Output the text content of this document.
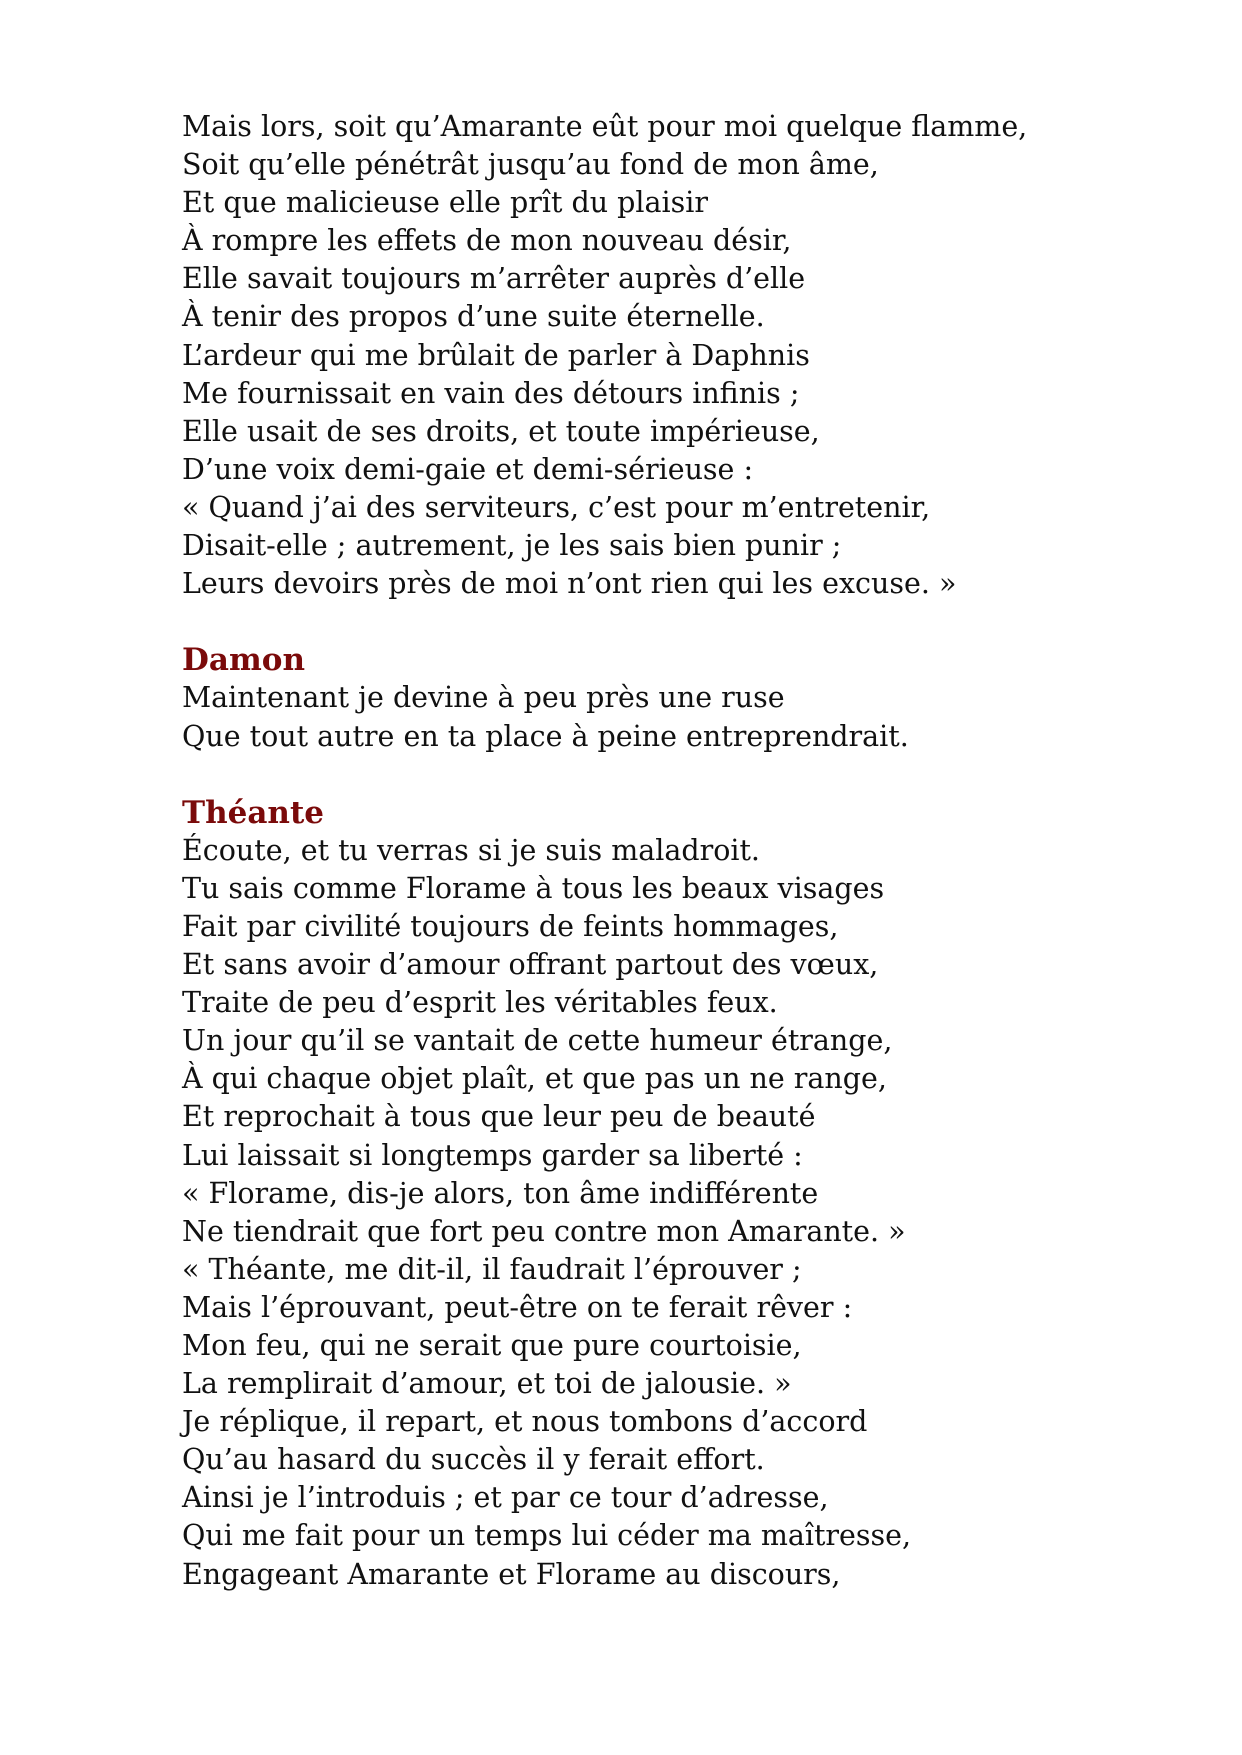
Mais lors, soit qu’Amarante eût pour moi quelque flamme,
Soit qu’elle pénétrât jusqu’au fond de mon âme,
Et que malicieuse elle prît du plaisir
À rompre les effets de mon nouveau désir,
Elle savait toujours m’arrêter auprès d’elle
À tenir des propos d’une suite éternelle.
L’ardeur qui me brûlait de parler à Daphnis
Me fournissait en vain des détours infinis ;
Elle usait de ses droits, et toute impérieuse,
D’une voix demi-gaie et demi-sérieuse :
« Quand j’ai des serviteurs, c’est pour m’entretenir,
Disait-elle ; autrement, je les sais bien punir ;
Leurs devoirs près de moi n’ont rien qui les excuse. »
Damon
Maintenant je devine à peu près une ruse
Que tout autre en ta place à peine entreprendrait.
Théante
Écoute, et tu verras si je suis maladroit.
Tu sais comme Florame à tous les beaux visages
Fait par civilité toujours de feints hommages,
Et sans avoir d’amour offrant partout des vœux,
Traite de peu d’esprit les véritables feux.
Un jour qu’il se vantait de cette humeur étrange,
À qui chaque objet plaît, et que pas un ne range,
Et reprochait à tous que leur peu de beauté
Lui laissait si longtemps garder sa liberté :
« Florame, dis-je alors, ton âme indifférente
Ne tiendrait que fort peu contre mon Amarante. »
« Théante, me dit-il, il faudrait l’éprouver ;
Mais l’éprouvant, peut-être on te ferait rêver :
Mon feu, qui ne serait que pure courtoisie,
La remplirait d’amour, et toi de jalousie. »
Je réplique, il repart, et nous tombons d’accord
Qu’au hasard du succès il y ferait effort.
Ainsi je l’introduis ; et par ce tour d’adresse,
Qui me fait pour un temps lui céder ma maîtresse,
Engageant Amarante et Florame au discours,
